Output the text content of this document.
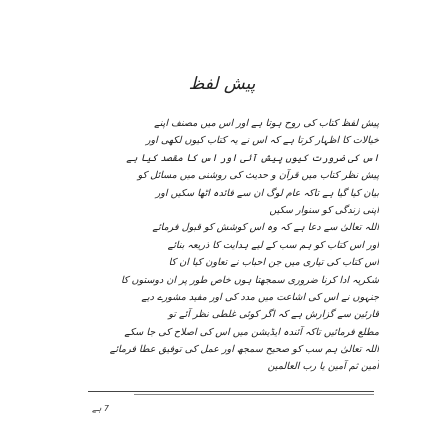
پیش لفظ
پیش لفظ کتاب کی روح ہوتا ہے اور اس میں مصنف اپنے
خیالات کا اظہار کرتا ہے کہ اس نے یہ کتاب کیوں لکھی اور
اس کی ضرورت کیوں پیش آئی اور اس کا مقصد کیا ہے
پیش نظر کتاب میں قرآن و حدیث کی روشنی میں مسائل کو
بیان کیا گیا ہے تاکہ عام لوگ ان سے فائدہ اٹھا سکیں اور
اپنی زندگی کو سنوار سکیں
اللہ تعالیٰ سے دعا ہے کہ وہ اس کوشش کو قبول فرمائے
اور اس کتاب کو ہم سب کے لیے ہدایت کا ذریعہ بنائے
اس کتاب کی تیاری میں جن احباب نے تعاون کیا ان کا
شکریہ ادا کرنا ضروری سمجھتا ہوں خاص طور پر ان دوستوں کا
جنہوں نے اس کی اشاعت میں مدد کی اور مفید مشورے دیے
قارئین سے گزارش ہے کہ اگر کوئی غلطی نظر آئے تو
مطلع فرمائیں تاکہ آئندہ ایڈیشن میں اس کی اصلاح کی جا سکے
اللہ تعالیٰ ہم سب کو صحیح سمجھ اور عمل کی توفیق عطا فرمائے
آمین ثم آمین یا رب العالمین
7 ہے
